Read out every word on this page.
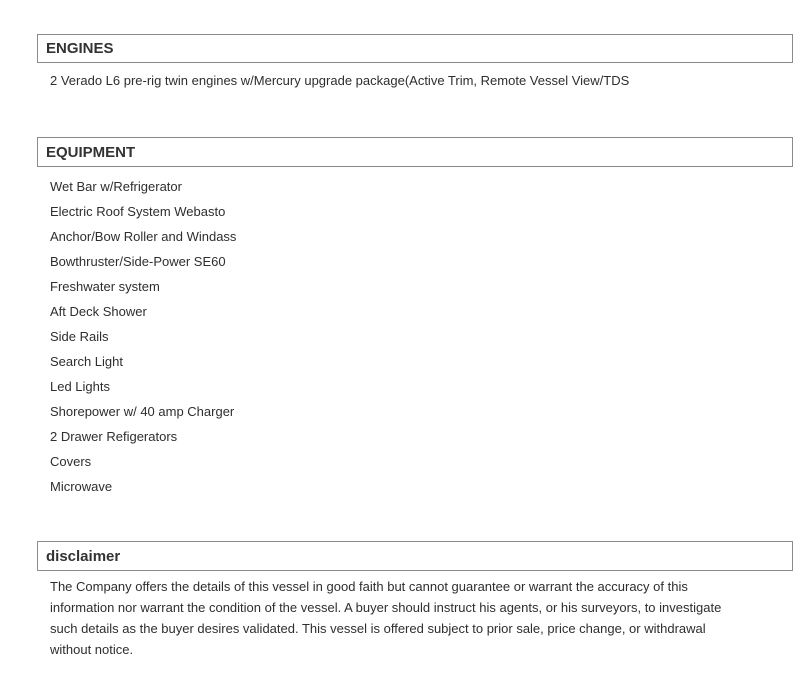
ENGINES
2 Verado L6 pre-rig twin engines w/Mercury upgrade package(Active Trim, Remote Vessel View/TDS
EQUIPMENT
Wet Bar w/Refrigerator
Electric Roof System Webasto
Anchor/Bow Roller and Windass
Bowthruster/Side-Power SE60
Freshwater system
Aft Deck Shower
Side Rails
Search Light
Led Lights
Shorepower w/ 40 amp Charger
2 Drawer Refigerators
Covers
Microwave
disclaimer
The Company offers the details of this vessel in good faith but cannot guarantee or warrant the accuracy of this
information nor warrant the condition of the vessel. A buyer should instruct his agents, or his surveyors, to investigate
such details as the buyer desires validated. This vessel is offered subject to prior sale, price change, or withdrawal
without notice.
